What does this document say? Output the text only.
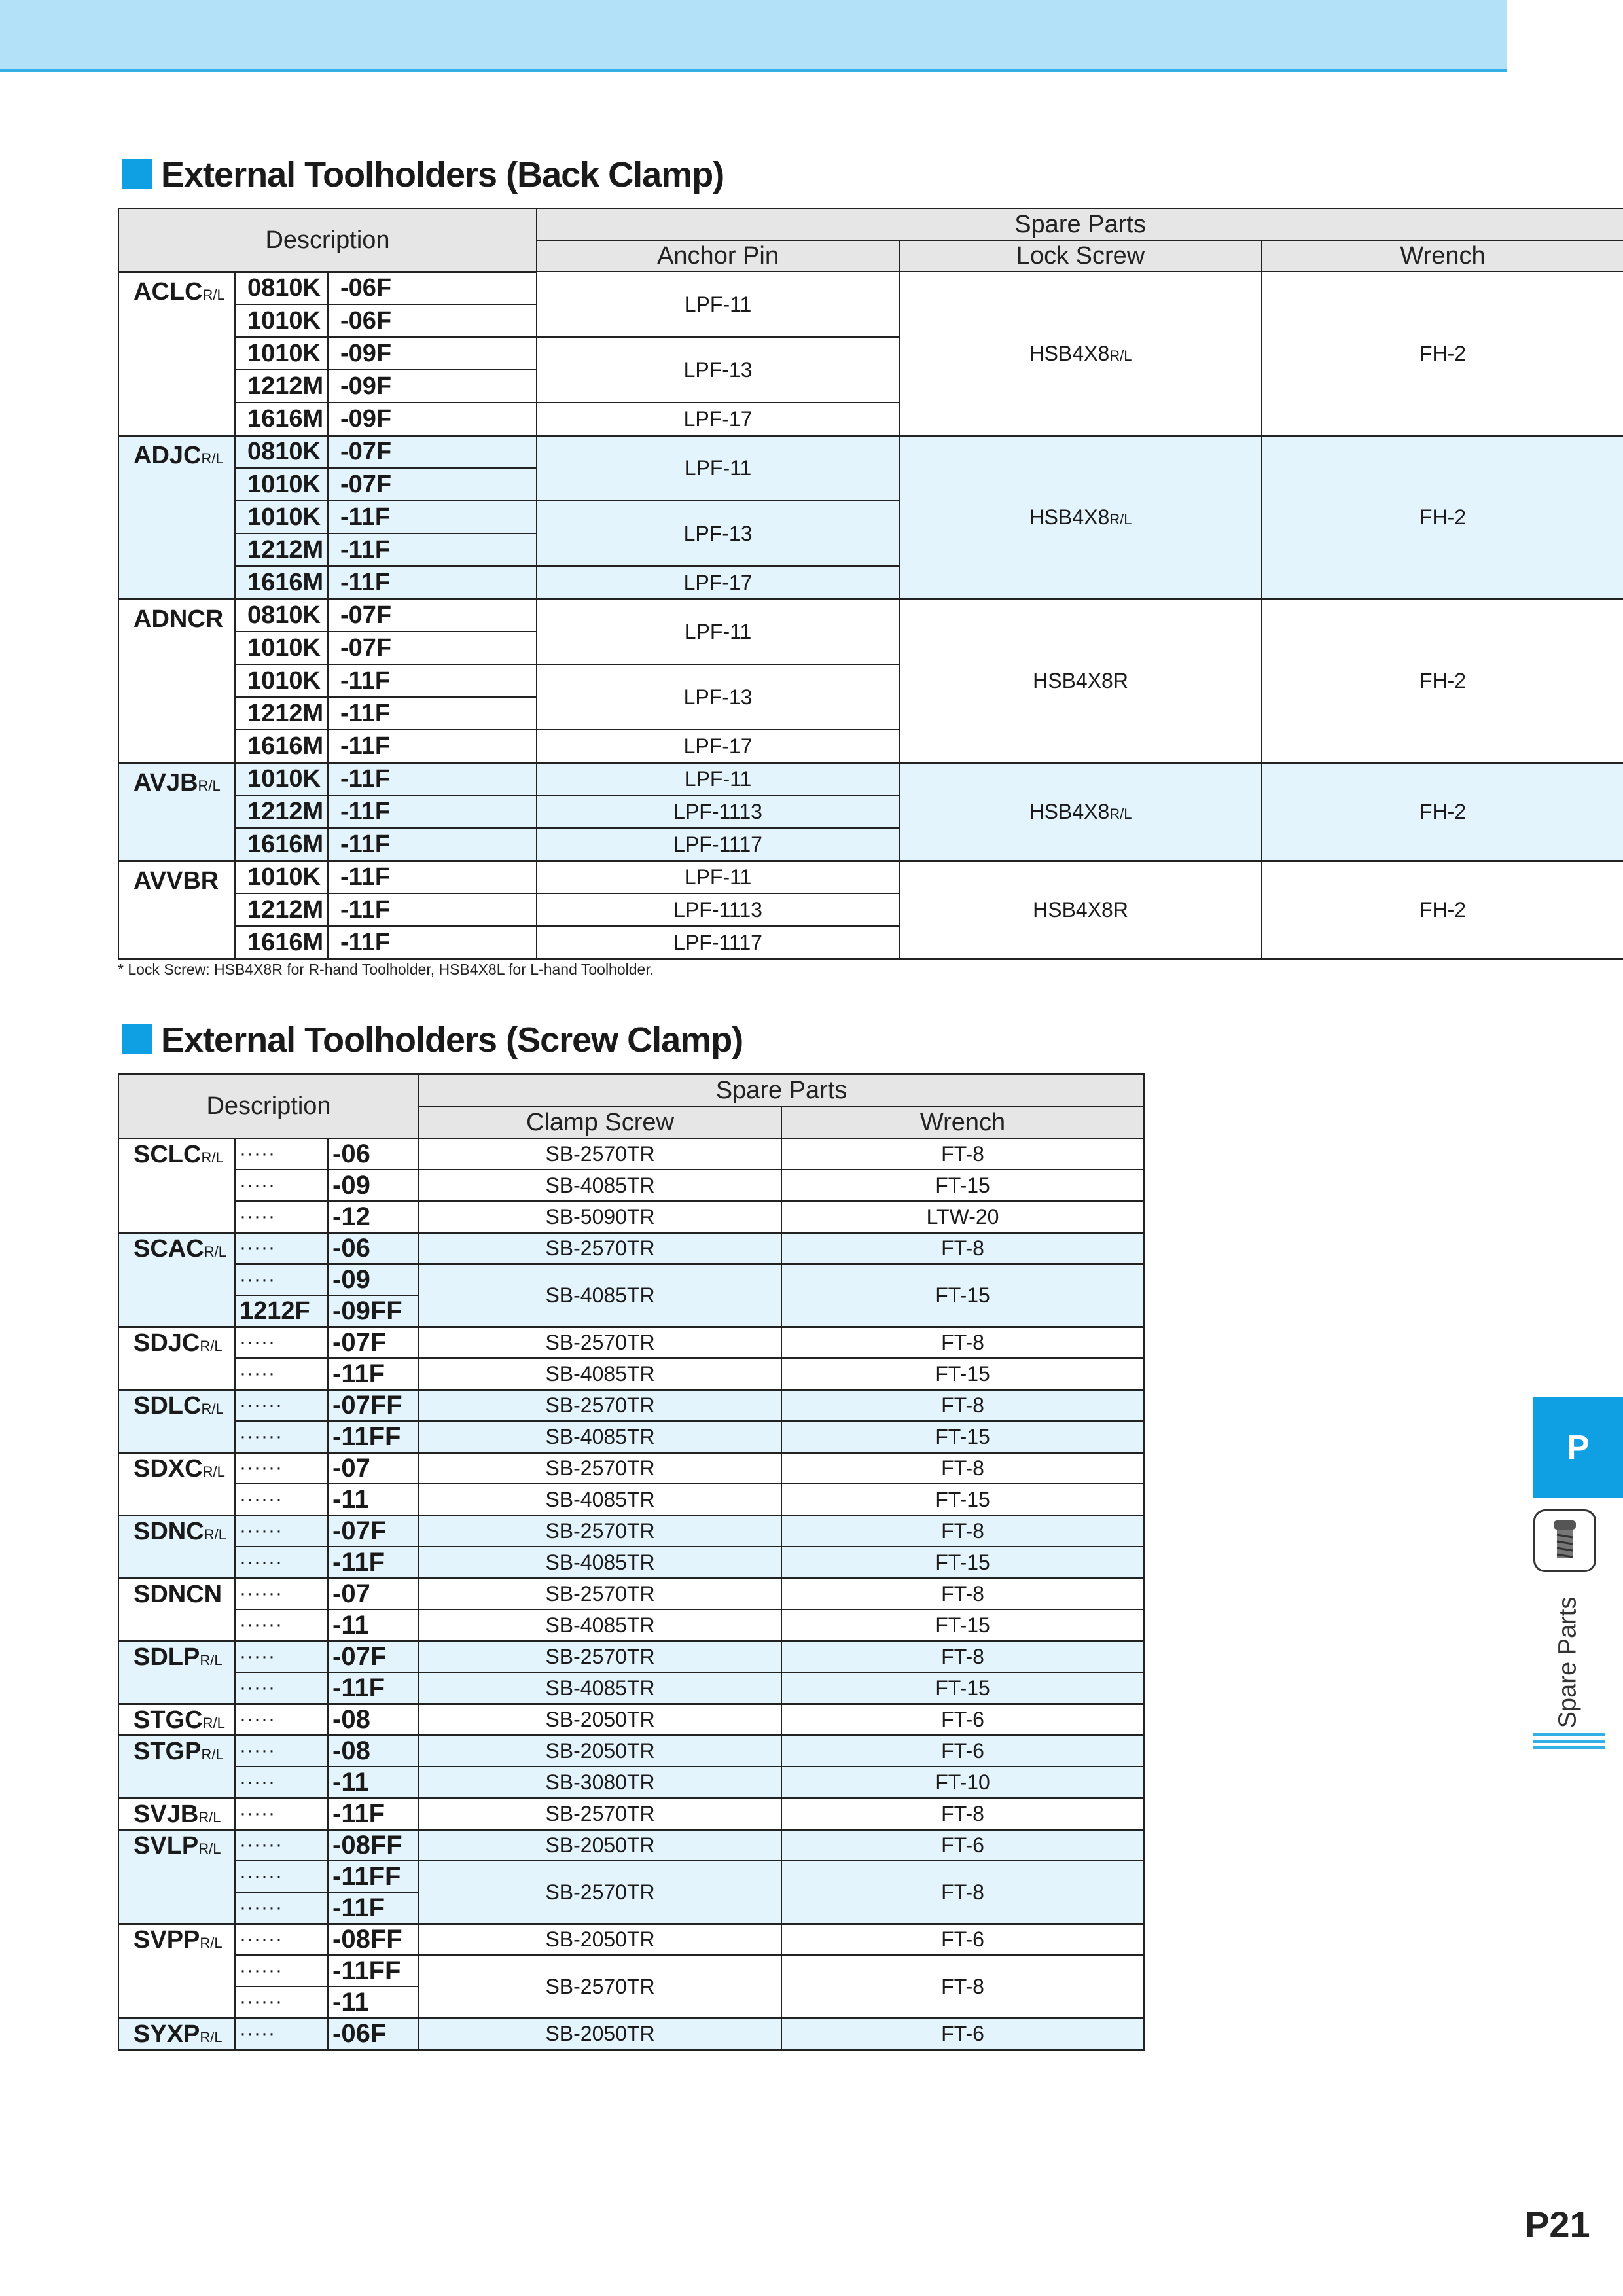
External Toolholders (Back Clamp)
Description			Spare Parts		
			Anchor Pin	Lock Screw	Wrench
ACLCR/L	0810K	-06F	LPF-11	HSB4X8R/L	FH-2
	1010K	-06F			
	1010K	-09F	LPF-13		
	1212M	-09F			
	1616M	-09F	LPF-17		
ADJCR/L	0810K	-07F	LPF-11	HSB4X8R/L	FH-2
	1010K	-07F			
	1010K	-11F	LPF-13		
	1212M	-11F			
	1616M	-11F	LPF-17		
ADNCR	0810K	-07F	LPF-11	HSB4X8R	FH-2
	1010K	-07F			
	1010K	-11F	LPF-13		
	1212M	-11F			
	1616M	-11F	LPF-17		
AVJBR/L	1010K	-11F	LPF-11	HSB4X8R/L	FH-2
	1212M	-11F	LPF-1113		
	1616M	-11F	LPF-1117		
AVVBR	1010K	-11F	LPF-11	HSB4X8R	FH-2
	1212M	-11F	LPF-1113		
	1616M	-11F	LPF-1117		
* Lock Screw: HSB4X8R for R-hand Toolholder, HSB4X8L for L-hand Toolholder.
External Toolholders (Screw Clamp)
Description			Spare Parts	
			Clamp Screw	Wrench
SCLCR/L	·····	-06	SB-2570TR	FT-8
	·····	-09	SB-4085TR	FT-15
	·····	-12	SB-5090TR	LTW-20
SCACR/L	·····	-06	SB-2570TR	FT-8
	·····	-09	SB-4085TR	FT-15
	1212F	-09FF		
SDJCR/L	·····	-07F	SB-2570TR	FT-8
	·····	-11F	SB-4085TR	FT-15
SDLCR/L	······	-07FF	SB-2570TR	FT-8
	······	-11FF	SB-4085TR	FT-15
SDXCR/L	······	-07	SB-2570TR	FT-8
	······	-11	SB-4085TR	FT-15
SDNCR/L	······	-07F	SB-2570TR	FT-8
	······	-11F	SB-4085TR	FT-15
SDNCN	······	-07	SB-2570TR	FT-8
	······	-11	SB-4085TR	FT-15
SDLPR/L	·····	-07F	SB-2570TR	FT-8
	·····	-11F	SB-4085TR	FT-15
STGCR/L	·····	-08	SB-2050TR	FT-6
STGPR/L	·····	-08	SB-2050TR	FT-6
	·····	-11	SB-3080TR	FT-10
SVJBR/L	·····	-11F	SB-2570TR	FT-8
SVLPR/L	······	-08FF	SB-2050TR	FT-6
	······	-11FF	SB-2570TR	FT-8
	······	-11F		
SVPPR/L	······	-08FF	SB-2050TR	FT-6
	······	-11FF	SB-2570TR	FT-8
	······	-11		
SYXPR/L	·····	-06F	SB-2050TR	FT-6
P
Spare Parts
P21
